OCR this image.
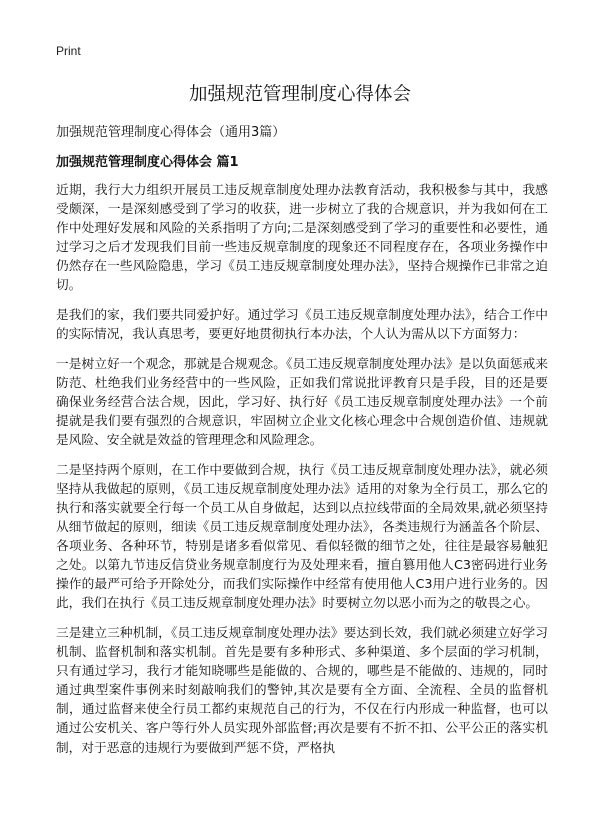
Print
加强规范管理制度心得体会

加强规范管理制度心得体会（通用3篇）

加强规范管理制度心得体会 篇1

近期，我行大力组织开展员工违反规章制度处理办法教育活动，我积极参与其中，我感受颇深，一是深刻感受到了学习的收获，进一步树立了我的合规意识，并为我如何在工作中处理好发展和风险的关系指明了方向;二是深刻感受到了学习的重要性和必要性，通过学习之后才发现我们目前一些违反规章制度的现象还不同程度存在，各项业务操作中仍然存在一些风险隐患，学习《员工违反规章制度处理办法》，坚持合规操作已非常之迫切。

是我们的家，我们要共同爱护好。通过学习《员工违反规章制度处理办法》，结合工作中的实际情况，我认真思考，要更好地贯彻执行本办法，个人认为需从以下方面努力：

一是树立好一个观念，那就是合规观念。《员工违反规章制度处理办法》是以负面惩戒来防范、杜绝我们业务经营中的一些风险，正如我们常说批评教育只是手段，目的还是要确保业务经营合法合规，因此，学习好、执行好《员工违反规章制度处理办法》一个前提就是我们要有强烈的合规意识，牢固树立企业文化核心理念中合规创造价值、违规就是风险、安全就是效益的管理理念和风险理念。

二是坚持两个原则，在工作中要做到合规，执行《员工违反规章制度处理办法》，就必须坚持从我做起的原则，《员工违反规章制度处理办法》适用的对象为全行员工，那么它的执行和落实就要全行每一个员工从自身做起，达到以点拉线带面的全局效果,就必须坚持从细节做起的原则，细读《员工违反规章制度处理办法》，各类违规行为涵盖各个阶层、各项业务、各种环节，特别是诸多看似常见、看似轻微的细节之处，往往是最容易触犯之处。以第九节违反信贷业务规章制度行为及处理来看，擅自篡用他人C3密码进行业务操作的最严可给予开除处分，而我们实际操作中经常有使用他人C3用户进行业务的。因此，我们在执行《员工违反规章制度处理办法》时要树立勿以恶小而为之的敬畏之心。

三是建立三种机制，《员工违反规章制度处理办法》要达到长效，我们就必须建立好学习机制、监督机制和落实机制。首先是要有多种形式、多种渠道、多个层面的学习机制，只有通过学习，我行才能知晓哪些是能做的、合规的，哪些是不能做的、违规的，同时通过典型案件事例来时刻敲响我们的警钟,其次是要有全方面、全流程、全员的监督机制，通过监督来使全行员工都约束规范自己的行为，不仅在行内形成一种监督，也可以通过公安机关、客户等行外人员实现外部监督;再次是要有不折不扣、公平公正的落实机制，对于恶意的违规行为要做到严惩不贷，严格执
